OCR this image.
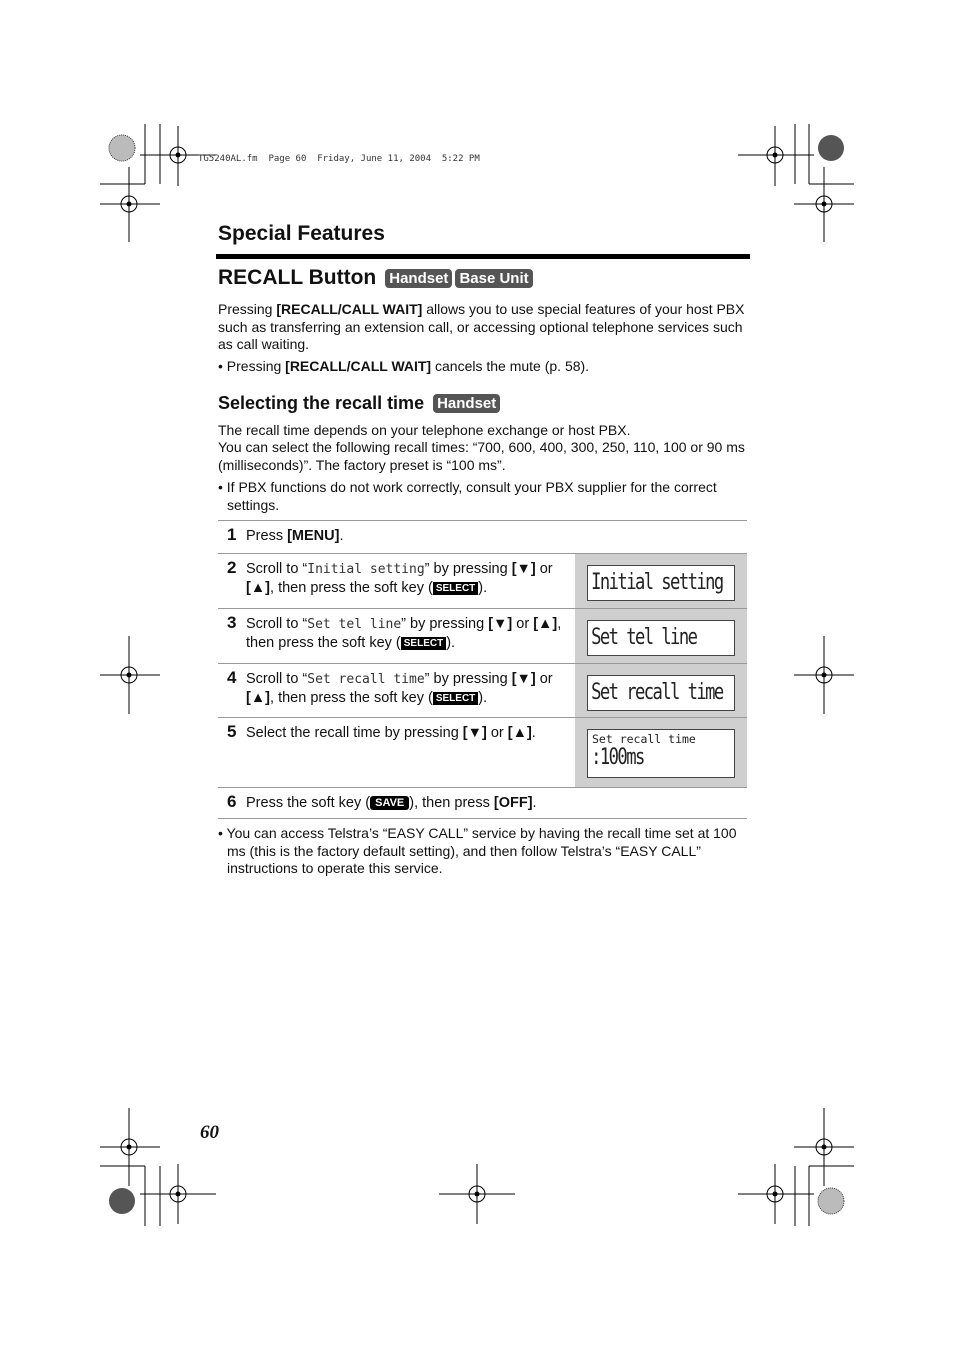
TG5240AL.fm  Page 60  Friday, June 11, 2004  5:22 PM
Special Features
RECALL Button Handset Base Unit
Pressing [RECALL/CALL WAIT] allows you to use special features of your host PBX such as transferring an extension call, or accessing optional telephone services such as call waiting.
• Pressing [RECALL/CALL WAIT] cancels the mute (p. 58).
Selecting the recall time Handset
The recall time depends on your telephone exchange or host PBX.
You can select the following recall times: “700, 600, 400, 300, 250, 110, 100 or 90 ms (milliseconds)”. The factory preset is “100 ms”.
• If PBX functions do not work correctly, consult your PBX supplier for the correct settings.
1 Press [MENU].
2 Scroll to “Initial setting” by pressing [▼] or [▲], then press the soft key ( SELECT ).	Initial setting
3 Scroll to “Set tel line” by pressing [▼] or [▲], then press the soft key ( SELECT ).	Set tel line
4 Scroll to “Set recall time” by pressing [▼] or [▲], then press the soft key ( SELECT ).	Set recall time
5 Select the recall time by pressing [▼] or [▲].	Set recall time
:100ms
6 Press the soft key ( SAVE ), then press [OFF].
• You can access Telstra’s “EASY CALL” service by having the recall time set at 100 ms (this is the factory default setting), and then follow Telstra’s “EASY CALL” instructions to operate this service.
60
